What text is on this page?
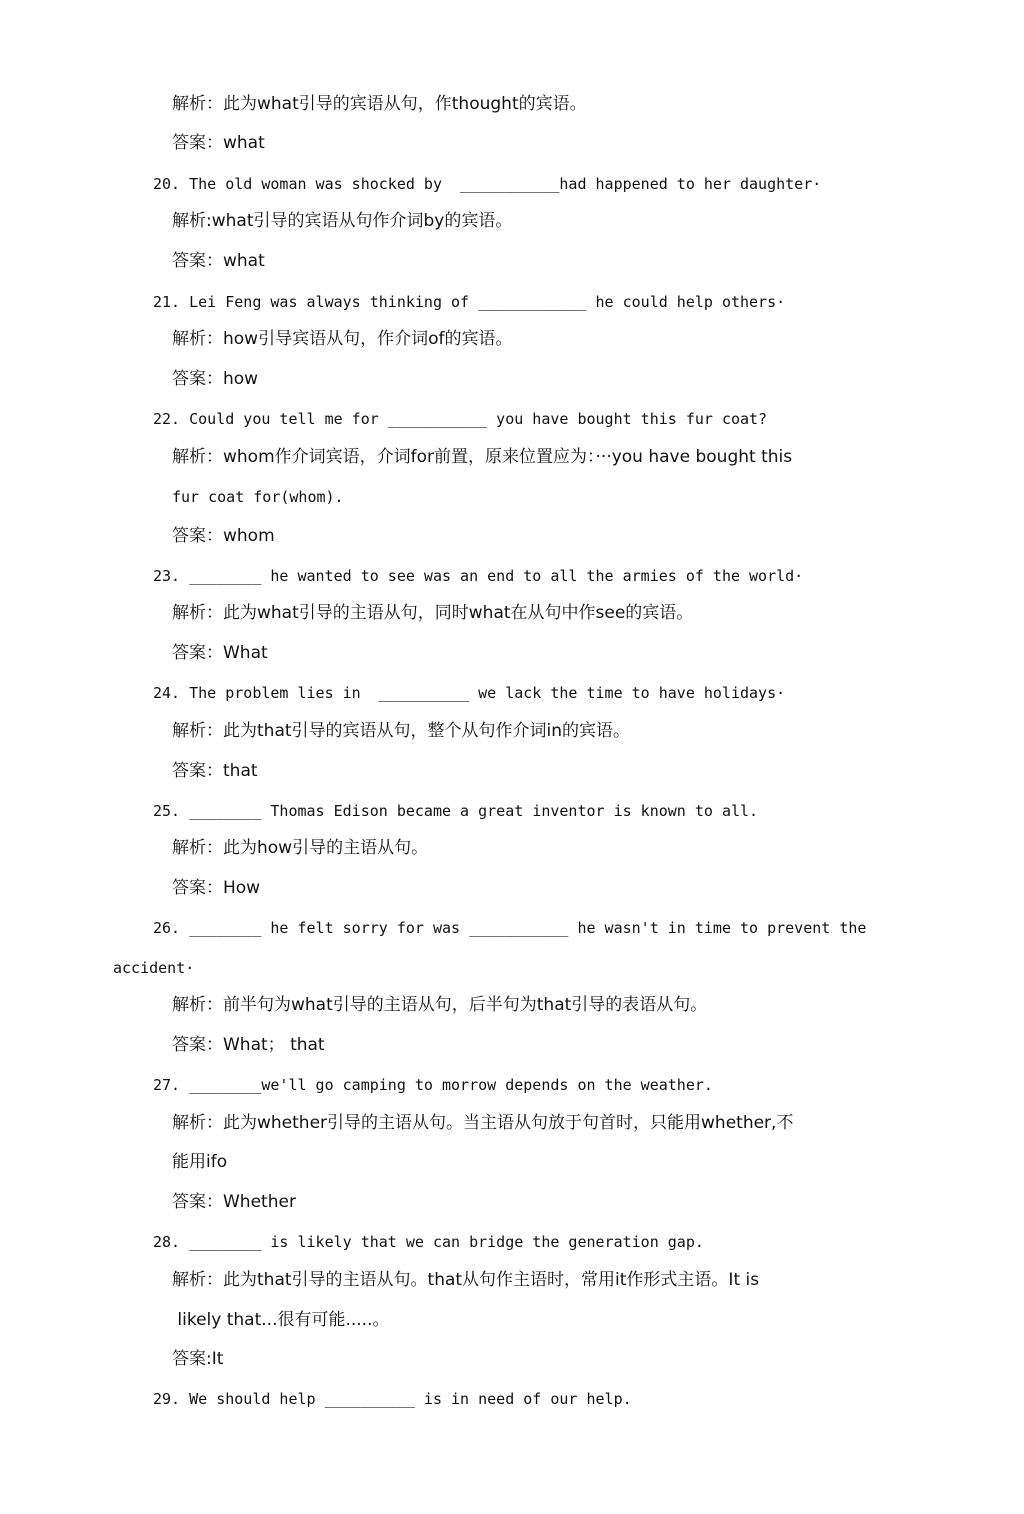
解析：此为what引导的宾语从句，作thought的宾语。
答案：what
20. The old woman was shocked by  ___________had happened to her daughter·
解析:what引导的宾语从句作介词by的宾语。
答案：what
21. Lei Feng was always thinking of ____________ he could help others·
解析：how引导宾语从句，作介词of的宾语。
答案：how
22. Could you tell me for ___________ you have bought this fur coat?
解析：whom作介词宾语，介词for前置，原来位置应为：···you have bought this
fur coat for(whom).
答案：whom
23. ________ he wanted to see was an end to all the armies of the world·
解析：此为what引导的主语从句，同时what在从句中作see的宾语。
答案：What
24. The problem lies in  __________ we lack the time to have holidays·
解析：此为that引导的宾语从句，整个从句作介词in的宾语。
答案：that
25. ________ Thomas Edison became a great inventor is known to all.
解析：此为how引导的主语从句。
答案：How
26. ________ he felt sorry for was ___________ he wasn't in time to prevent the
accident·
解析：前半句为what引导的主语从句，后半句为that引导的表语从句。
答案：What； that
27. ________we'll go camping to morrow depends on the weather.
解析：此为whether引导的主语从句。当主语从句放于句首时，只能用whether,不
能用ifo
答案：Whether
28. ________ is likely that we can bridge the generation gap.
解析：此为that引导的主语从句。that从句作主语时，常用it作形式主语。It is
likely that...很有可能.....。
答案:It
29. We should help __________ is in need of our help.
